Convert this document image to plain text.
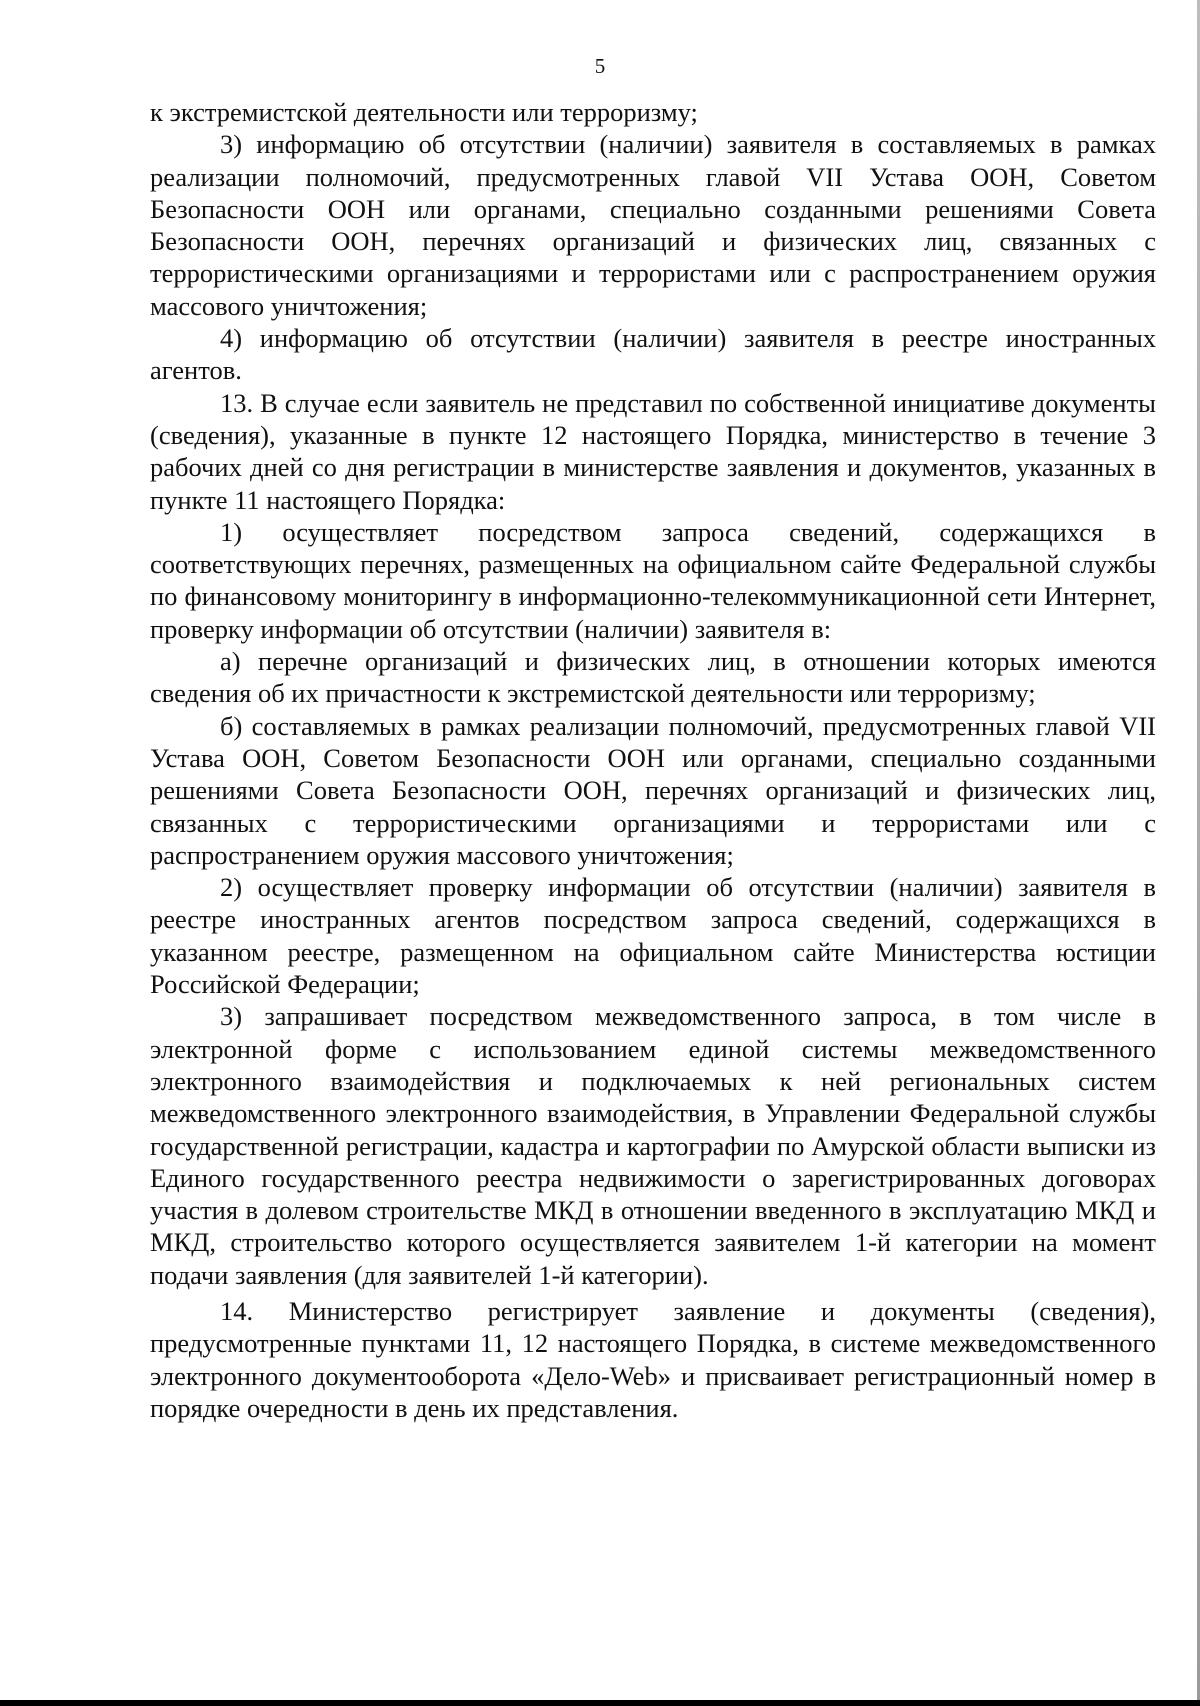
5

к экстремистской деятельности или терроризму;

3) информацию об отсутствии (наличии) заявителя в составляемых в рамках реализации полномочий, предусмотренных главой VII Устава ООН, Советом Безопасности ООН или органами, специально созданными решениями Совета Безопасности ООН, перечнях организаций и физических лиц, связанных с террористическими организациями и террористами или с распространением оружия массового уничтожения;

4) информацию об отсутствии (наличии) заявителя в реестре иностранных агентов.

13. В случае если заявитель не представил по собственной инициативе документы (сведения), указанные в пункте 12 настоящего Порядка, министерство в течение 3 рабочих дней со дня регистрации в министерстве заявления и документов, указанных в пункте 11 настоящего Порядка:

1) осуществляет посредством запроса сведений, содержащихся в соответствующих перечнях, размещенных на официальном сайте Федеральной службы по финансовому мониторингу в информационно-телекоммуникационной сети Интернет, проверку информации об отсутствии (наличии) заявителя в:

а) перечне организаций и физических лиц, в отношении которых имеются сведения об их причастности к экстремистской деятельности или терроризму;

б) составляемых в рамках реализации полномочий, предусмотренных главой VII Устава ООН, Советом Безопасности ООН или органами, специально созданными решениями Совета Безопасности ООН, перечнях организаций и физических лиц, связанных с террористическими организациями и террористами или с распространением оружия массового уничтожения;

2) осуществляет проверку информации об отсутствии (наличии) заявителя в реестре иностранных агентов посредством запроса сведений, содержащихся в указанном реестре, размещенном на официальном сайте Министерства юстиции Российской Федерации;

3) запрашивает посредством межведомственного запроса, в том числе в электронной форме с использованием единой системы межведомственного электронного взаимодействия и подключаемых к ней региональных систем межведомственного электронного взаимодействия, в Управлении Федеральной службы государственной регистрации, кадастра и картографии по Амурской области выписки из Единого государственного реестра недвижимости о зарегистрированных договорах участия в долевом строительстве МКД в отношении введенного в эксплуатацию МКД и МКД, строительство которого осуществляется заявителем 1-й категории на момент подачи заявления (для заявителей 1-й категории).

14. Министерство регистрирует заявление и документы (сведения), предусмотренные пунктами 11, 12 настоящего Порядка, в системе межведомственного электронного документооборота «Дело-Web» и присваивает регистрационный номер в порядке очередности в день их представления.
